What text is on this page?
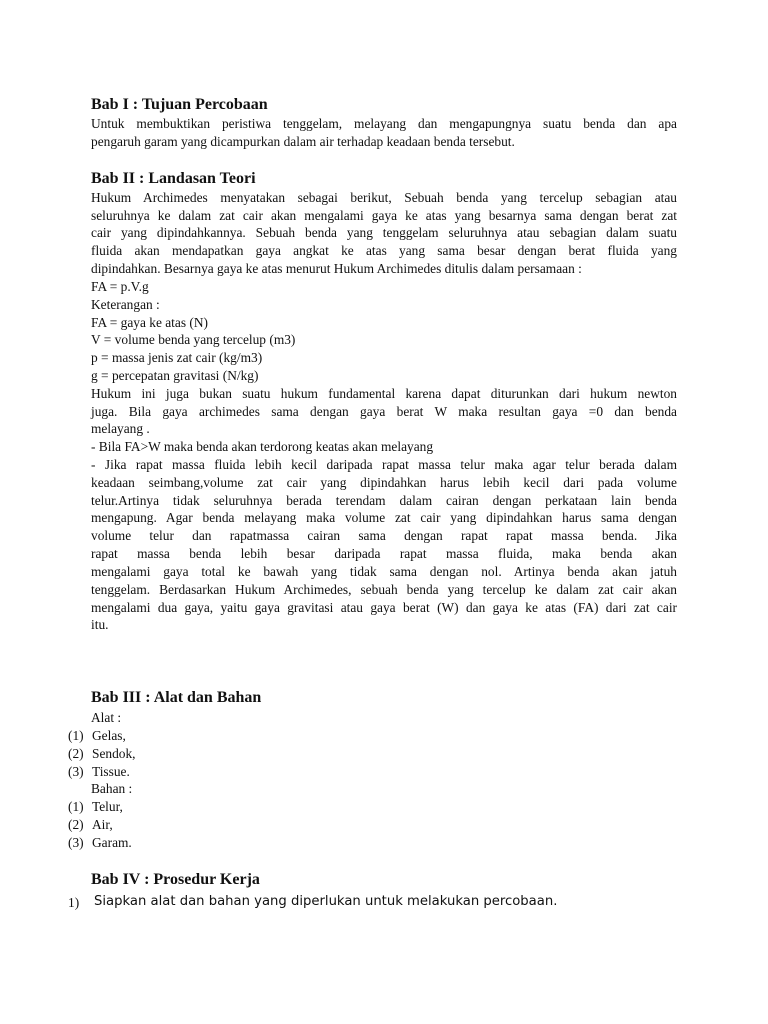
Bab I : Tujuan Percobaan
Untuk membuktikan peristiwa tenggelam, melayang dan mengapungnya suatu benda dan apa
pengaruh garam yang dicampurkan dalam air terhadap keadaan benda tersebut.
Bab II : Landasan Teori
Hukum Archimedes menyatakan sebagai berikut, Sebuah benda yang tercelup sebagian atau
seluruhnya ke dalam zat cair akan mengalami gaya ke atas yang besarnya sama dengan berat zat
cair yang dipindahkannya. Sebuah benda yang tenggelam seluruhnya atau sebagian dalam suatu
fluida akan mendapatkan gaya angkat ke atas yang sama besar dengan berat fluida yang
dipindahkan. Besarnya gaya ke atas menurut Hukum Archimedes ditulis dalam persamaan :
FA = p.V.g
Keterangan :
FA = gaya ke atas (N)
V = volume benda yang tercelup (m3)
p = massa jenis zat cair (kg/m3)
g = percepatan gravitasi (N/kg)
Hukum ini juga bukan suatu hukum fundamental karena dapat diturunkan dari hukum newton
juga. Bila gaya archimedes sama dengan gaya berat W maka resultan gaya =0 dan benda
melayang .
- Bila FA>W maka benda akan terdorong keatas akan melayang
- Jika rapat massa fluida lebih kecil daripada rapat massa telur maka agar telur berada dalam
keadaan seimbang,volume zat cair yang dipindahkan harus lebih kecil dari pada volume
telur.Artinya tidak seluruhnya berada terendam dalam cairan dengan perkataan lain benda
mengapung. Agar benda melayang maka volume zat cair yang dipindahkan harus sama dengan
volume telur dan rapatmassa cairan sama dengan rapat rapat massa benda. Jika
rapat massa benda lebih besar daripada rapat massa fluida, maka benda akan
mengalami gaya total ke bawah yang tidak sama dengan nol. Artinya benda akan jatuh
tenggelam. Berdasarkan Hukum Archimedes, sebuah benda yang tercelup ke dalam zat cair akan
mengalami dua gaya, yaitu gaya gravitasi atau gaya berat (W) dan gaya ke atas (FA) dari zat cair
itu.
Bab III : Alat dan Bahan
Alat :
(1) Gelas,
(2) Sendok,
(3) Tissue.
Bahan :
(1) Telur,
(2) Air,
(3) Garam.
Bab IV : Prosedur Kerja
1) Siapkan alat dan bahan yang diperlukan untuk melakukan percobaan.
